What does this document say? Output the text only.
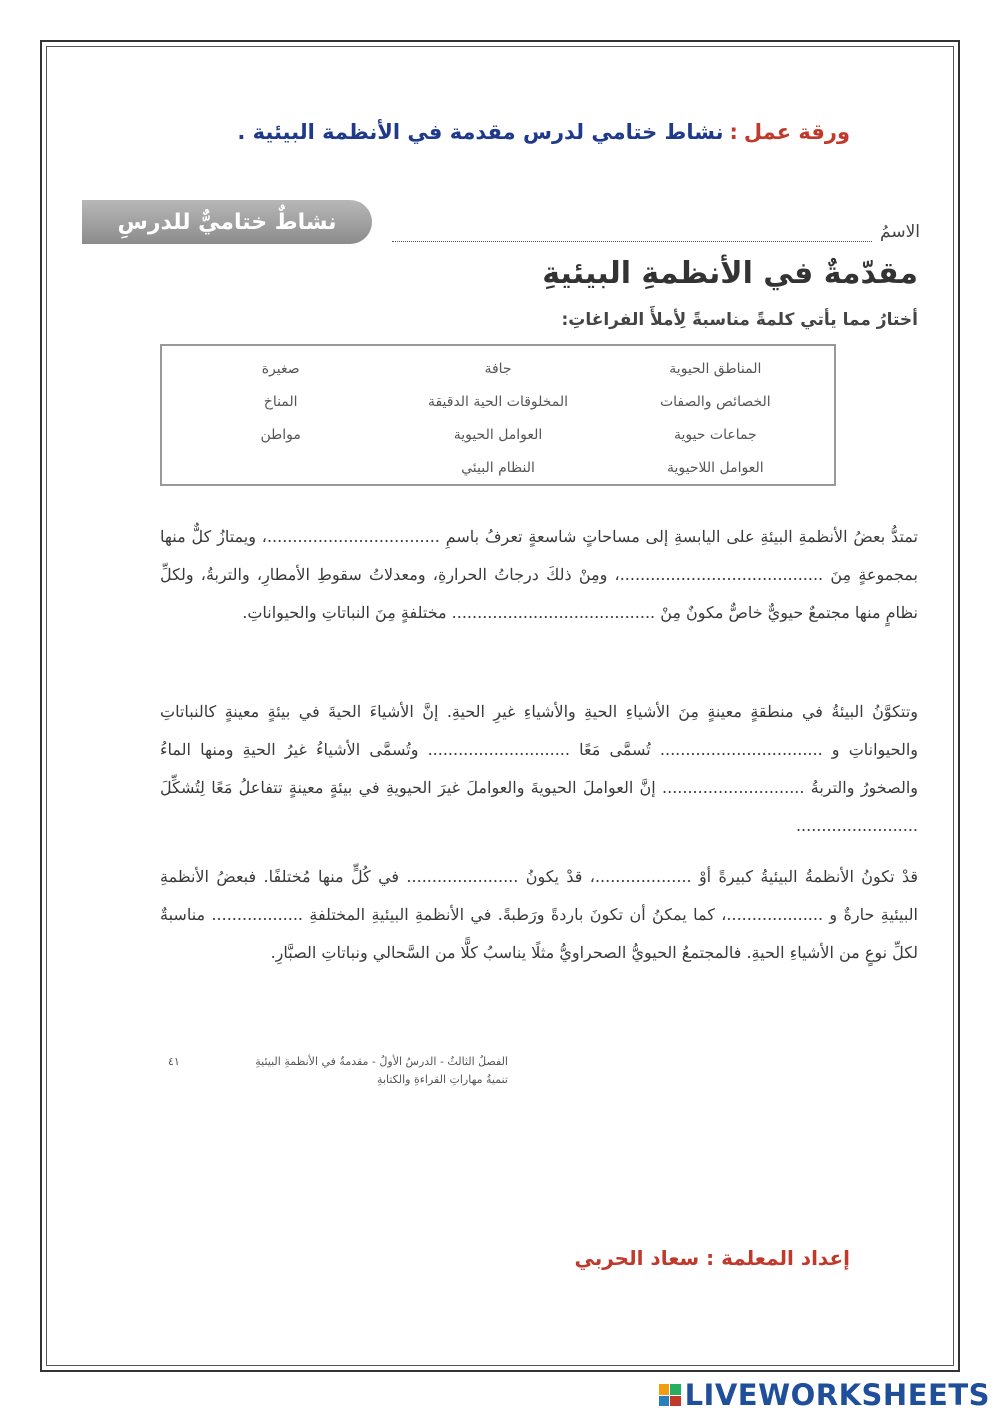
ورقة عمل:نشاط ختامي لدرس مقدمة في الأنظمة البيئية .
نشاطٌ ختاميٌّ للدرسِ	الاسمُ
مقدّمةٌ في الأنظمةِ البيئيةِ
أختارُ مما يأتي كلمةً مناسبةً لِأملأَ الفراغاتِ:
المناطق الحيوية
جافة
صغيرة
الخصائص والصفات
المخلوقات الحية الدقيقة
المناخ
جماعات حيوية
العوامل الحيوية
مواطن
العوامل اللاحيوية
النظام البيئي
تمتدُّ بعضُ الأنظمةِ البيئةِ على اليابسةِ إلى مساحاتٍ شاسعةٍ تعرفُ باسمِ ..................................، ويمتازُ كلٌّ منها بمجموعةٍ مِنَ ........................................، ومِنْ ذلكَ درجاتُ الحرارةِ، ومعدلاتُ سقوطِ الأمطارِ، والتربةُ، ولكلِّ نظامٍ منها مجتمعٌ حيويٌّ خاصٌّ مكونٌ مِنْ ........................................ مختلفةٍ مِنَ النباتاتِ والحيواناتِ.
وتتكوَّنُ البيئةُ في منطقةٍ معينةٍ مِنَ الأشياءِ الحيةِ والأشياءِ غيرِ الحيةِ. إنَّ الأشياءَ الحيةَ في بيئةٍ معينةٍ كالنباتاتِ والحيواناتِ و ................................ تُسمَّى مَعًا ............................ وتُسمَّى الأشياءُ غيرُ الحيةِ ومنها الماءُ والصخورُ والتربةُ ............................ إنَّ العواملَ الحيويةَ والعواملَ غيرَ الحيويةِ في بيئةٍ معينةٍ تتفاعلُ مَعًا لِتُشكِّلَ ........................
قدْ تكونُ الأنظمةُ البيئيةُ كبيرةً أوْ ...................، قدْ يكونُ ...................... في كُلٍّ منها مُختلفًا. فبعضُ الأنظمةِ البيئيةِ حارةٌ و ...................، كما يمكنُ أن تكونَ باردةً ورَطبةً. في الأنظمةِ البيئيةِ المختلفةِ .................. مناسبةٌ لكلِّ نوعٍ من الأشياءِ الحيةِ. فالمجتمعُ الحيويُّ الصحراويُّ مثلًا يناسبُ كلًّا من السَّحالي ونباتاتِ الصبَّارِ.
الفصلُ الثالثُ - الدرسُ الأولُ - مقدمةٌ في الأنظمةِ البيئيةِ
٤١
تنميةُ مهاراتِ القراءةِ والكتابةِ
إعداد المعلمة : سعاد الحربي
LIVEWORKSHEETS
